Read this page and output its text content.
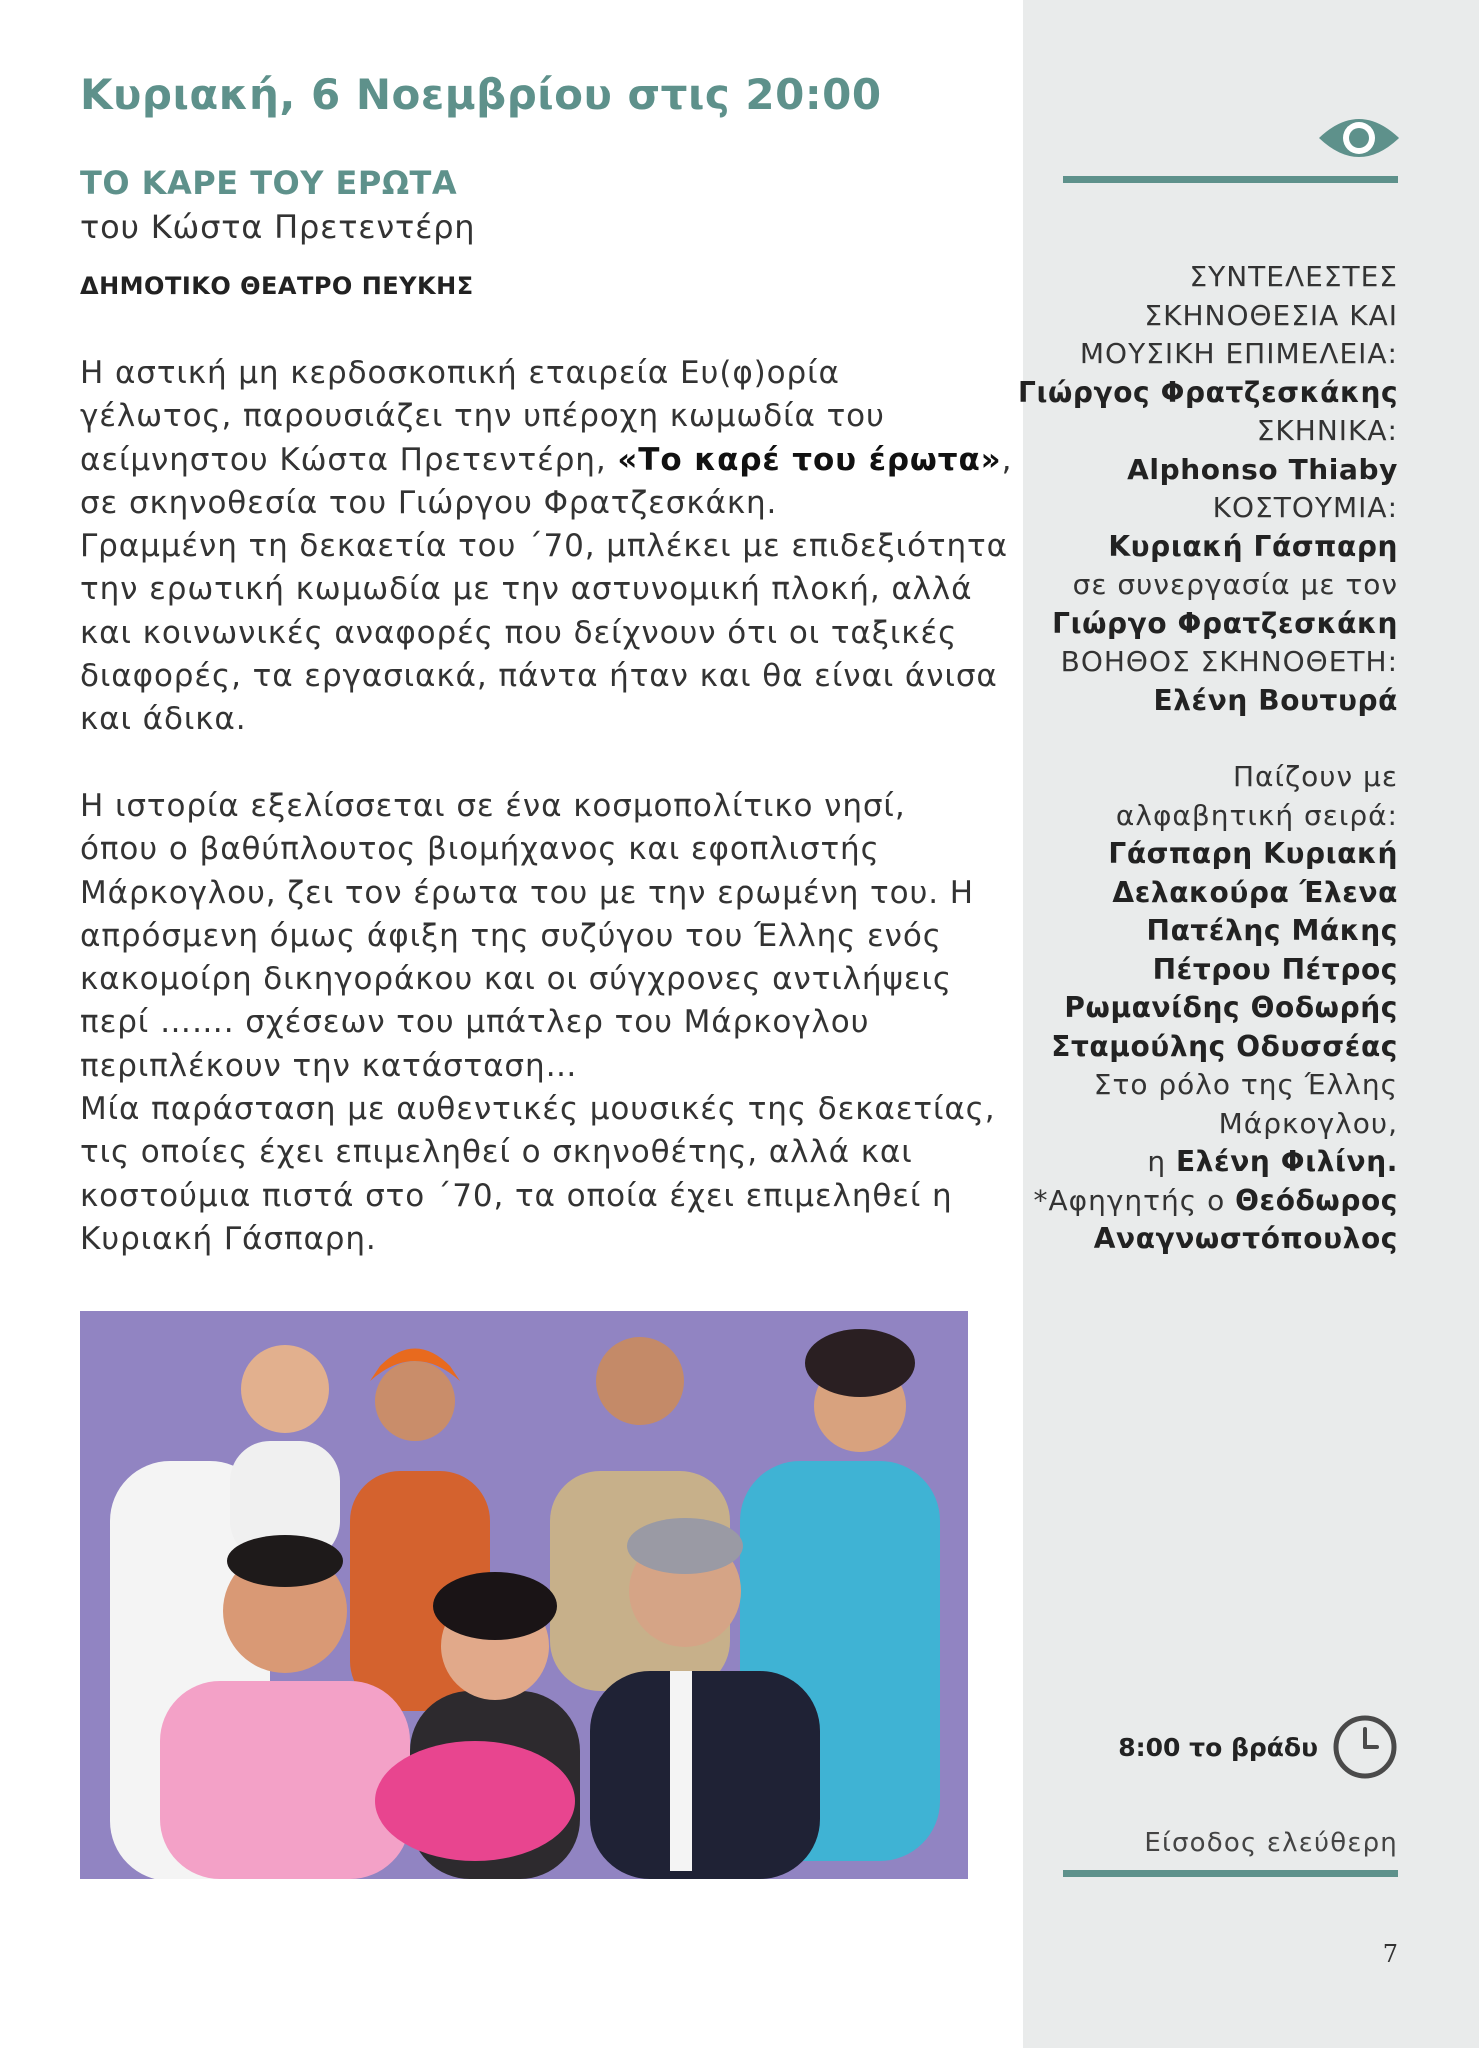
Κυριακή, 6 Νοεμβρίου στις 20:00
ΤΟ ΚΑΡΕ ΤΟΥ ΕΡΩΤΑ
του Κώστα Πρετεντέρη
ΔΗΜΟΤΙΚΟ ΘΕΑΤΡΟ ΠΕΥΚΗΣ

Η αστική μη κερδοσκοπική εταιρεία Ευ(φ)ορία

γέλωτος, παρουσιάζει την υπέροχη κωμωδία του

αείμνηστου Κώστα Πρετεντέρη, «Το καρέ του έρωτα»,

σε σκηνοθεσία του Γιώργου Φρατζεσκάκη.

Γραμμένη τη δεκαετία του ΄70, μπλέκει με επιδεξιότητα

την ερωτική κωμωδία με την αστυνομική πλοκή, αλλά

και κοινωνικές αναφορές που δείχνουν ότι οι ταξικές

διαφορές, τα εργασιακά, πάντα ήταν και θα είναι άνισα

και άδικα.

Η ιστορία εξελίσσεται σε ένα κοσμοπολίτικο νησί,

όπου ο βαθύπλουτος βιομήχανος και εφοπλιστής

Μάρκογλου, ζει τον έρωτα του με την ερωμένη του. Η

απρόσμενη όμως άφιξη της συζύγου του Έλλης ενός

κακομοίρη δικηγοράκου και οι σύγχρονες αντιλήψεις

περί ……. σχέσεων του μπάτλερ του Μάρκογλου

περιπλέκουν την κατάσταση…

Μία παράσταση με αυθεντικές μουσικές της δεκαετίας,

τις οποίες έχει επιμεληθεί ο σκηνοθέτης, αλλά και

κοστούμια πιστά στο ΄70, τα οποία έχει επιμεληθεί η

Κυριακή Γάσπαρη.

ΣΥΝΤΕΛΕΣΤΕΣ
ΣΚΗΝΟΘΕΣΙΑ ΚΑΙ
ΜΟΥΣΙΚΗ ΕΠΙΜΕΛΕΙΑ:
Γιώργος Φρατζεσκάκης
ΣΚΗΝΙΚΑ:
Alphonso Thiaby
ΚΟΣΤΟΥΜΙΑ:
Κυριακή Γάσπαρη
σε συνεργασία με τον
Γιώργο Φρατζεσκάκη
ΒΟΗΘΟΣ ΣΚΗΝΟΘΕΤΗ:
Ελένη Βουτυρά
Παίζουν με
αλφαβητική σειρά:
Γάσπαρη Κυριακή
Δελακούρα Έλενα
Πατέλης Μάκης
Πέτρου Πέτρος
Ρωμανίδης Θοδωρής
Σταμούλης Οδυσσέας
Στο ρόλο της Έλλης
Μάρκογλου,
η Ελένη Φιλίνη.
*Αφηγητής ο Θεόδωρος
Αναγνωστόπουλος
8:00 το βράδυ
Είσοδος ελεύθερη
7
